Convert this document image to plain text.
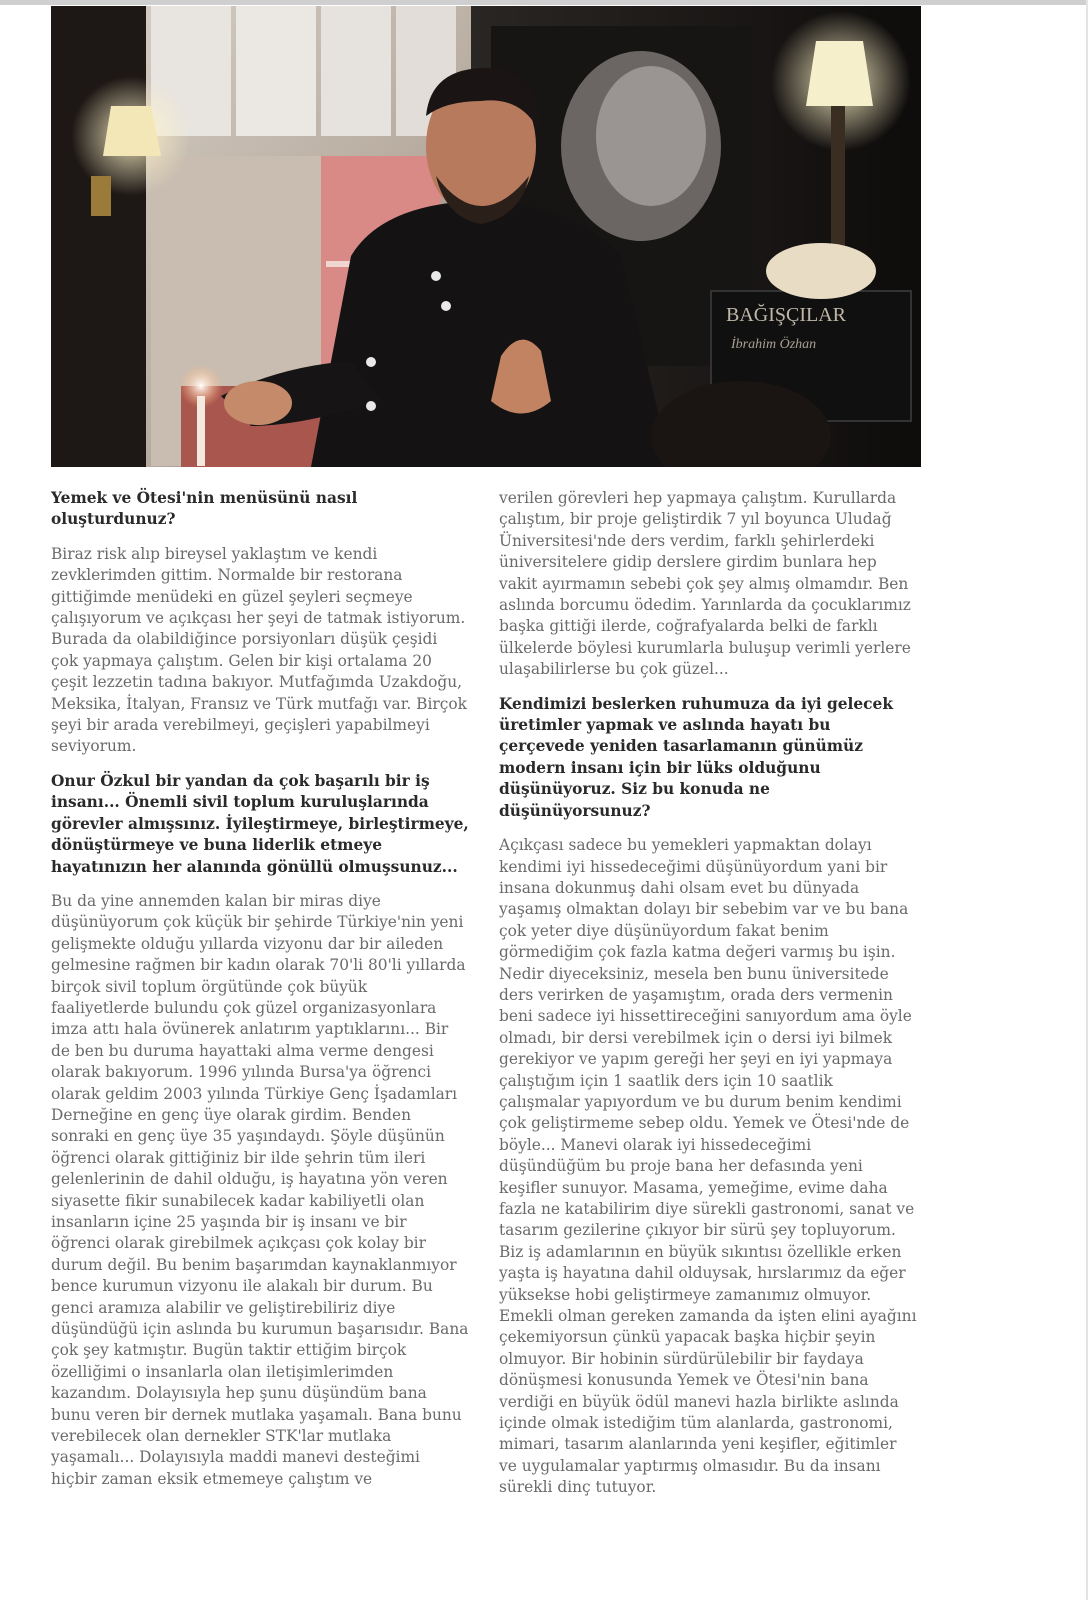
BAĞIŞÇILAR
İbrahim Özhan

Yemek ve Ötesi'nin menüsünü nasıl oluşturdunuz?

Biraz risk alıp bireysel yaklaştım ve kendi zevklerimden gittim. Normalde bir restorana gittiğimde menüdeki en güzel şeyleri seçmeye çalışıyorum ve açıkçası her şeyi de tatmak istiyorum. Burada da olabildiğince porsiyonları düşük çeşidi çok yapmaya çalıştım. Gelen bir kişi ortalama 20 çeşit lezzetin tadına bakıyor. Mutfağımda Uzakdoğu, Meksika, İtalyan, Fransız ve Türk mutfağı var. Birçok şeyi bir arada verebilmeyi, geçişleri yapabilmeyi seviyorum.

Onur Özkul bir yandan da çok başarılı bir iş insanı... Önemli sivil toplum kuruluşlarında görevler almışsınız. İyileştirmeye, birleştirmeye, dönüştürmeye ve buna liderlik etmeye hayatınızın her alanında gönüllü olmuşsunuz...

Bu da yine annemden kalan bir miras diye düşünüyorum çok küçük bir şehirde Türkiye'nin yeni gelişmekte olduğu yıllarda vizyonu dar bir aileden gelmesine rağmen bir kadın olarak 70'li 80'li yıllarda birçok sivil toplum örgütünde çok büyük faaliyetlerde bulundu çok güzel organizasyonlara imza attı hala övünerek anlatırım yaptıklarını... Bir de ben bu duruma hayattaki alma verme dengesi olarak bakıyorum. 1996 yılında Bursa'ya öğrenci olarak geldim 2003 yılında Türkiye Genç İşadamları Derneğine en genç üye olarak girdim. Benden sonraki en genç üye 35 yaşındaydı. Şöyle düşünün öğrenci olarak gittiğiniz bir ilde şehrin tüm ileri gelenlerinin de dahil olduğu, iş hayatına yön veren siyasette fikir sunabilecek kadar kabiliyetli olan insanların içine 25 yaşında bir iş insanı ve bir öğrenci olarak girebilmek açıkçası çok kolay bir durum değil. Bu benim başarımdan kaynaklanmıyor bence kurumun vizyonu ile alakalı bir durum. Bu genci aramıza alabilir ve geliştirebiliriz diye düşündüğü için aslında bu kurumun başarısıdır. Bana çok şey katmıştır. Bugün taktir ettiğim birçok özelliğimi o insanlarla olan iletişimlerimden kazandım. Dolayısıyla hep şunu düşündüm bana bunu veren bir dernek mutlaka yaşamalı. Bana bunu verebilecek olan dernekler STK'lar mutlaka yaşamalı... Dolayısıyla maddi manevi desteğimi hiçbir zaman eksik etmemeye çalıştım ve

verilen görevleri hep yapmaya çalıştım. Kurullarda çalıştım, bir proje geliştirdik 7 yıl boyunca Uludağ Üniversitesi'nde ders verdim, farklı şehirlerdeki üniversitelere gidip derslere girdim bunlara hep vakit ayırmamın sebebi çok şey almış olmamdır. Ben aslında borcumu ödedim. Yarınlarda da çocuklarımız başka gittiği ilerde, coğrafyalarda belki de farklı ülkelerde böylesi kurumlarla buluşup verimli yerlere ulaşabilirlerse bu çok güzel...

Kendimizi beslerken ruhumuza da iyi gelecek üretimler yapmak ve aslında hayatı bu çerçevede yeniden tasarlamanın günümüz modern insanı için bir lüks olduğunu düşünüyoruz. Siz bu konuda ne düşünüyorsunuz?

Açıkçası sadece bu yemekleri yapmaktan dolayı kendimi iyi hissedeceğimi düşünüyordum yani bir insana dokunmuş dahi olsam evet bu dünyada yaşamış olmaktan dolayı bir sebebim var ve bu bana çok yeter diye düşünüyordum fakat benim görmediğim çok fazla katma değeri varmış bu işin. Nedir diyeceksiniz, mesela ben bunu üniversitede ders verirken de yaşamıştım, orada ders vermenin beni sadece iyi hissettireceğini sanıyordum ama öyle olmadı, bir dersi verebilmek için o dersi iyi bilmek gerekiyor ve yapım gereği her şeyi en iyi yapmaya çalıştığım için 1 saatlik ders için 10 saatlik çalışmalar yapıyordum ve bu durum benim kendimi çok geliştirmeme sebep oldu. Yemek ve Ötesi'nde de böyle... Manevi olarak iyi hissedeceğimi düşündüğüm bu proje bana her defasında yeni keşifler sunuyor. Masama, yemeğime, evime daha fazla ne katabilirim diye sürekli gastronomi, sanat ve tasarım gezilerine çıkıyor bir sürü şey topluyorum. Biz iş adamlarının en büyük sıkıntısı özellikle erken yaşta iş hayatına dahil olduysak, hırslarımız da eğer yüksekse hobi geliştirmeye zamanımız olmuyor. Emekli olman gereken zamanda da işten elini ayağını çekemiyorsun çünkü yapacak başka hiçbir şeyin olmuyor. Bir hobinin sürdürülebilir bir faydaya dönüşmesi konusunda Yemek ve Ötesi'nin bana verdiği en büyük ödül manevi hazla birlikte aslında içinde olmak istediğim tüm alanlarda, gastronomi, mimari, tasarım alanlarında yeni keşifler, eğitimler ve uygulamalar yaptırmış olmasıdır. Bu da insanı sürekli dinç tutuyor.
